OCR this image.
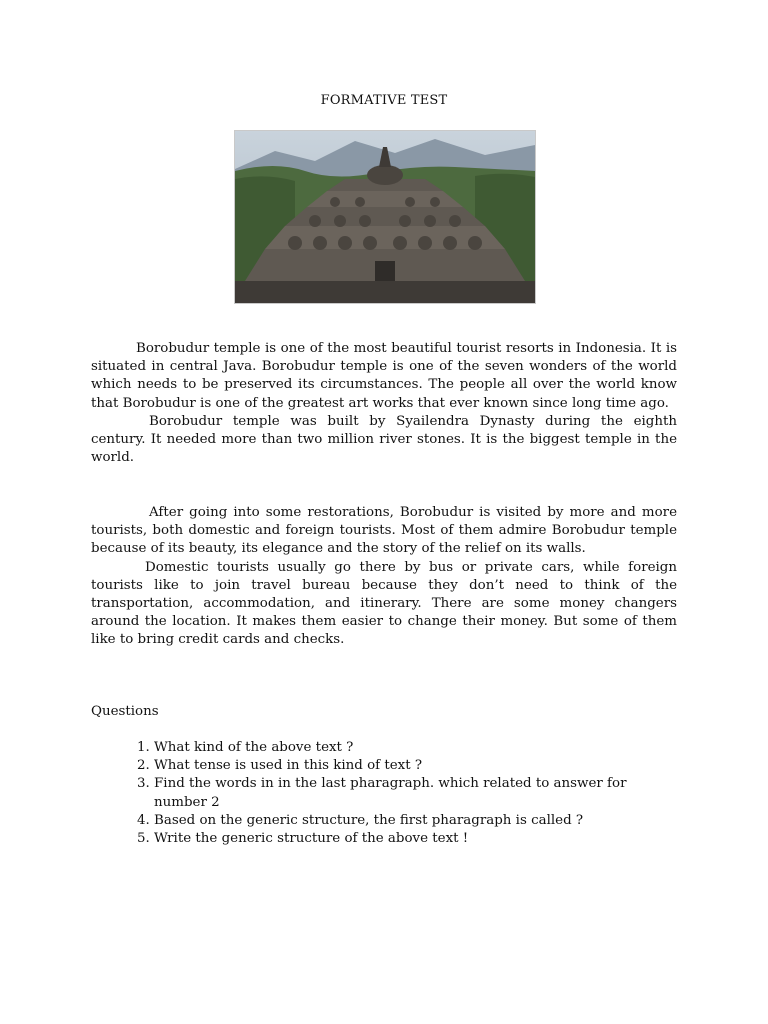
FORMATIVE TEST

Borobudur temple is one of the most beautiful tourist resorts in Indonesia. It is situated in central Java. Borobudur temple is one of the seven wonders of the world which needs to be preserved its circumstances. The people all over the world know that Borobudur is one of the greatest art works that ever known since long time ago.

Borobudur temple was built by Syailendra Dynasty during the eighth century. It needed more than two million river stones. It is the biggest temple in the world.

After going into some restorations, Borobudur is visited by more and more tourists, both domestic and foreign tourists. Most of them admire Borobudur temple because of its beauty, its elegance and the story of the relief on its walls.

Domestic tourists usually go there by bus or private cars, while foreign tourists like to join travel bureau because they don’t need to think of the transportation, accommodation, and itinerary. There are some money changers around the location. It makes them easier to change their money. But some of them like to bring credit cards and checks.

Questions
1. What kind of the above text ?
2. What tense is used in this kind of text ?
3. Find the words in in the last pharagraph. which related to answer for number 2
4. Based on the generic structure, the first pharagraph is called ?
5. Write the generic structure of the above text !
